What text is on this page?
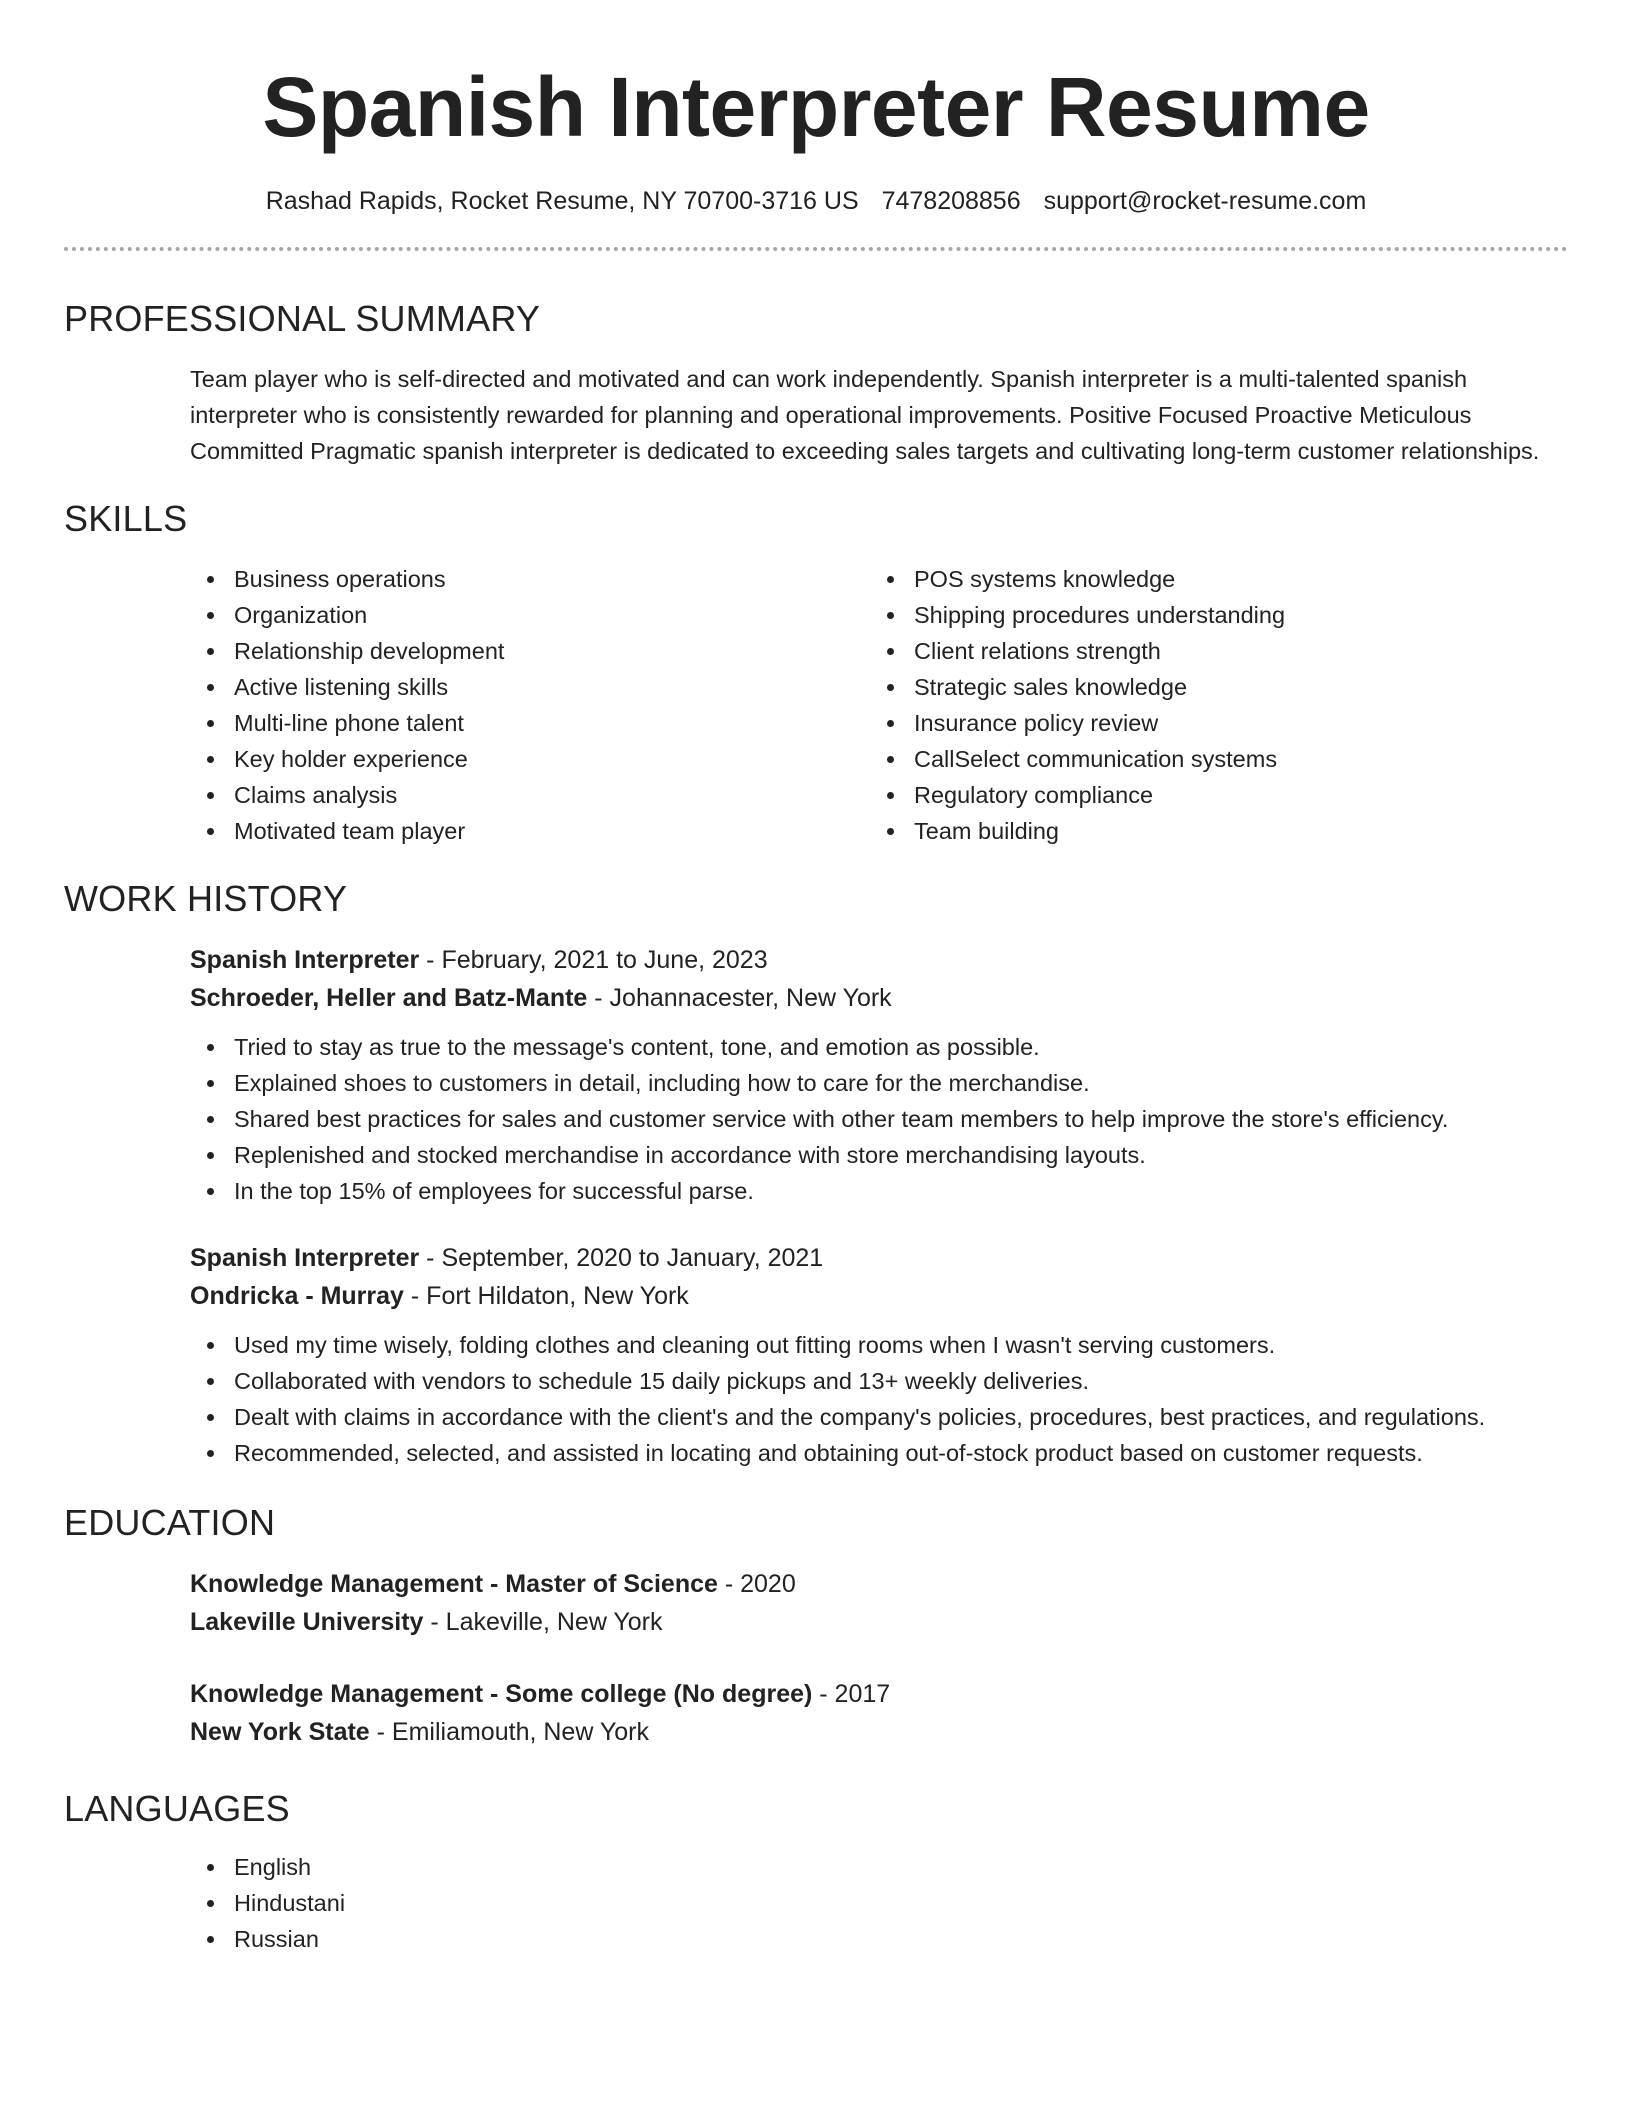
Spanish Interpreter Resume
Rashad Rapids, Rocket Resume, NY 70700-3716 US 7478208856 support@rocket-resume.com
PROFESSIONAL SUMMARY

Team player who is self-directed and motivated and can work independently. Spanish interpreter is a multi-talented spanish interpreter who is consistently rewarded for planning and operational improvements. Positive Focused Proactive Meticulous Committed Pragmatic spanish interpreter is dedicated to exceeding sales targets and cultivating long-term customer relationships.

SKILLS
Business operations
Organization
Relationship development
Active listening skills
Multi-line phone talent
Key holder experience
Claims analysis
Motivated team player
POS systems knowledge
Shipping procedures understanding
Client relations strength
Strategic sales knowledge
Insurance policy review
CallSelect communication systems
Regulatory compliance
Team building
WORK HISTORY
Spanish Interpreter - February, 2021 to June, 2023
Schroeder, Heller and Batz-Mante - Johannacester, New York
Tried to stay as true to the message's content, tone, and emotion as possible.
Explained shoes to customers in detail, including how to care for the merchandise.
Shared best practices for sales and customer service with other team members to help improve the store's efficiency.
Replenished and stocked merchandise in accordance with store merchandising layouts.
In the top 15% of employees for successful parse.
Spanish Interpreter - September, 2020 to January, 2021
Ondricka - Murray - Fort Hildaton, New York
Used my time wisely, folding clothes and cleaning out fitting rooms when I wasn't serving customers.
Collaborated with vendors to schedule 15 daily pickups and 13+ weekly deliveries.
Dealt with claims in accordance with the client's and the company's policies, procedures, best practices, and regulations.
Recommended, selected, and assisted in locating and obtaining out-of-stock product based on customer requests.
EDUCATION
Knowledge Management - Master of Science - 2020
Lakeville University - Lakeville, New York
Knowledge Management - Some college (No degree) - 2017
New York State - Emiliamouth, New York
LANGUAGES
English
Hindustani
Russian
